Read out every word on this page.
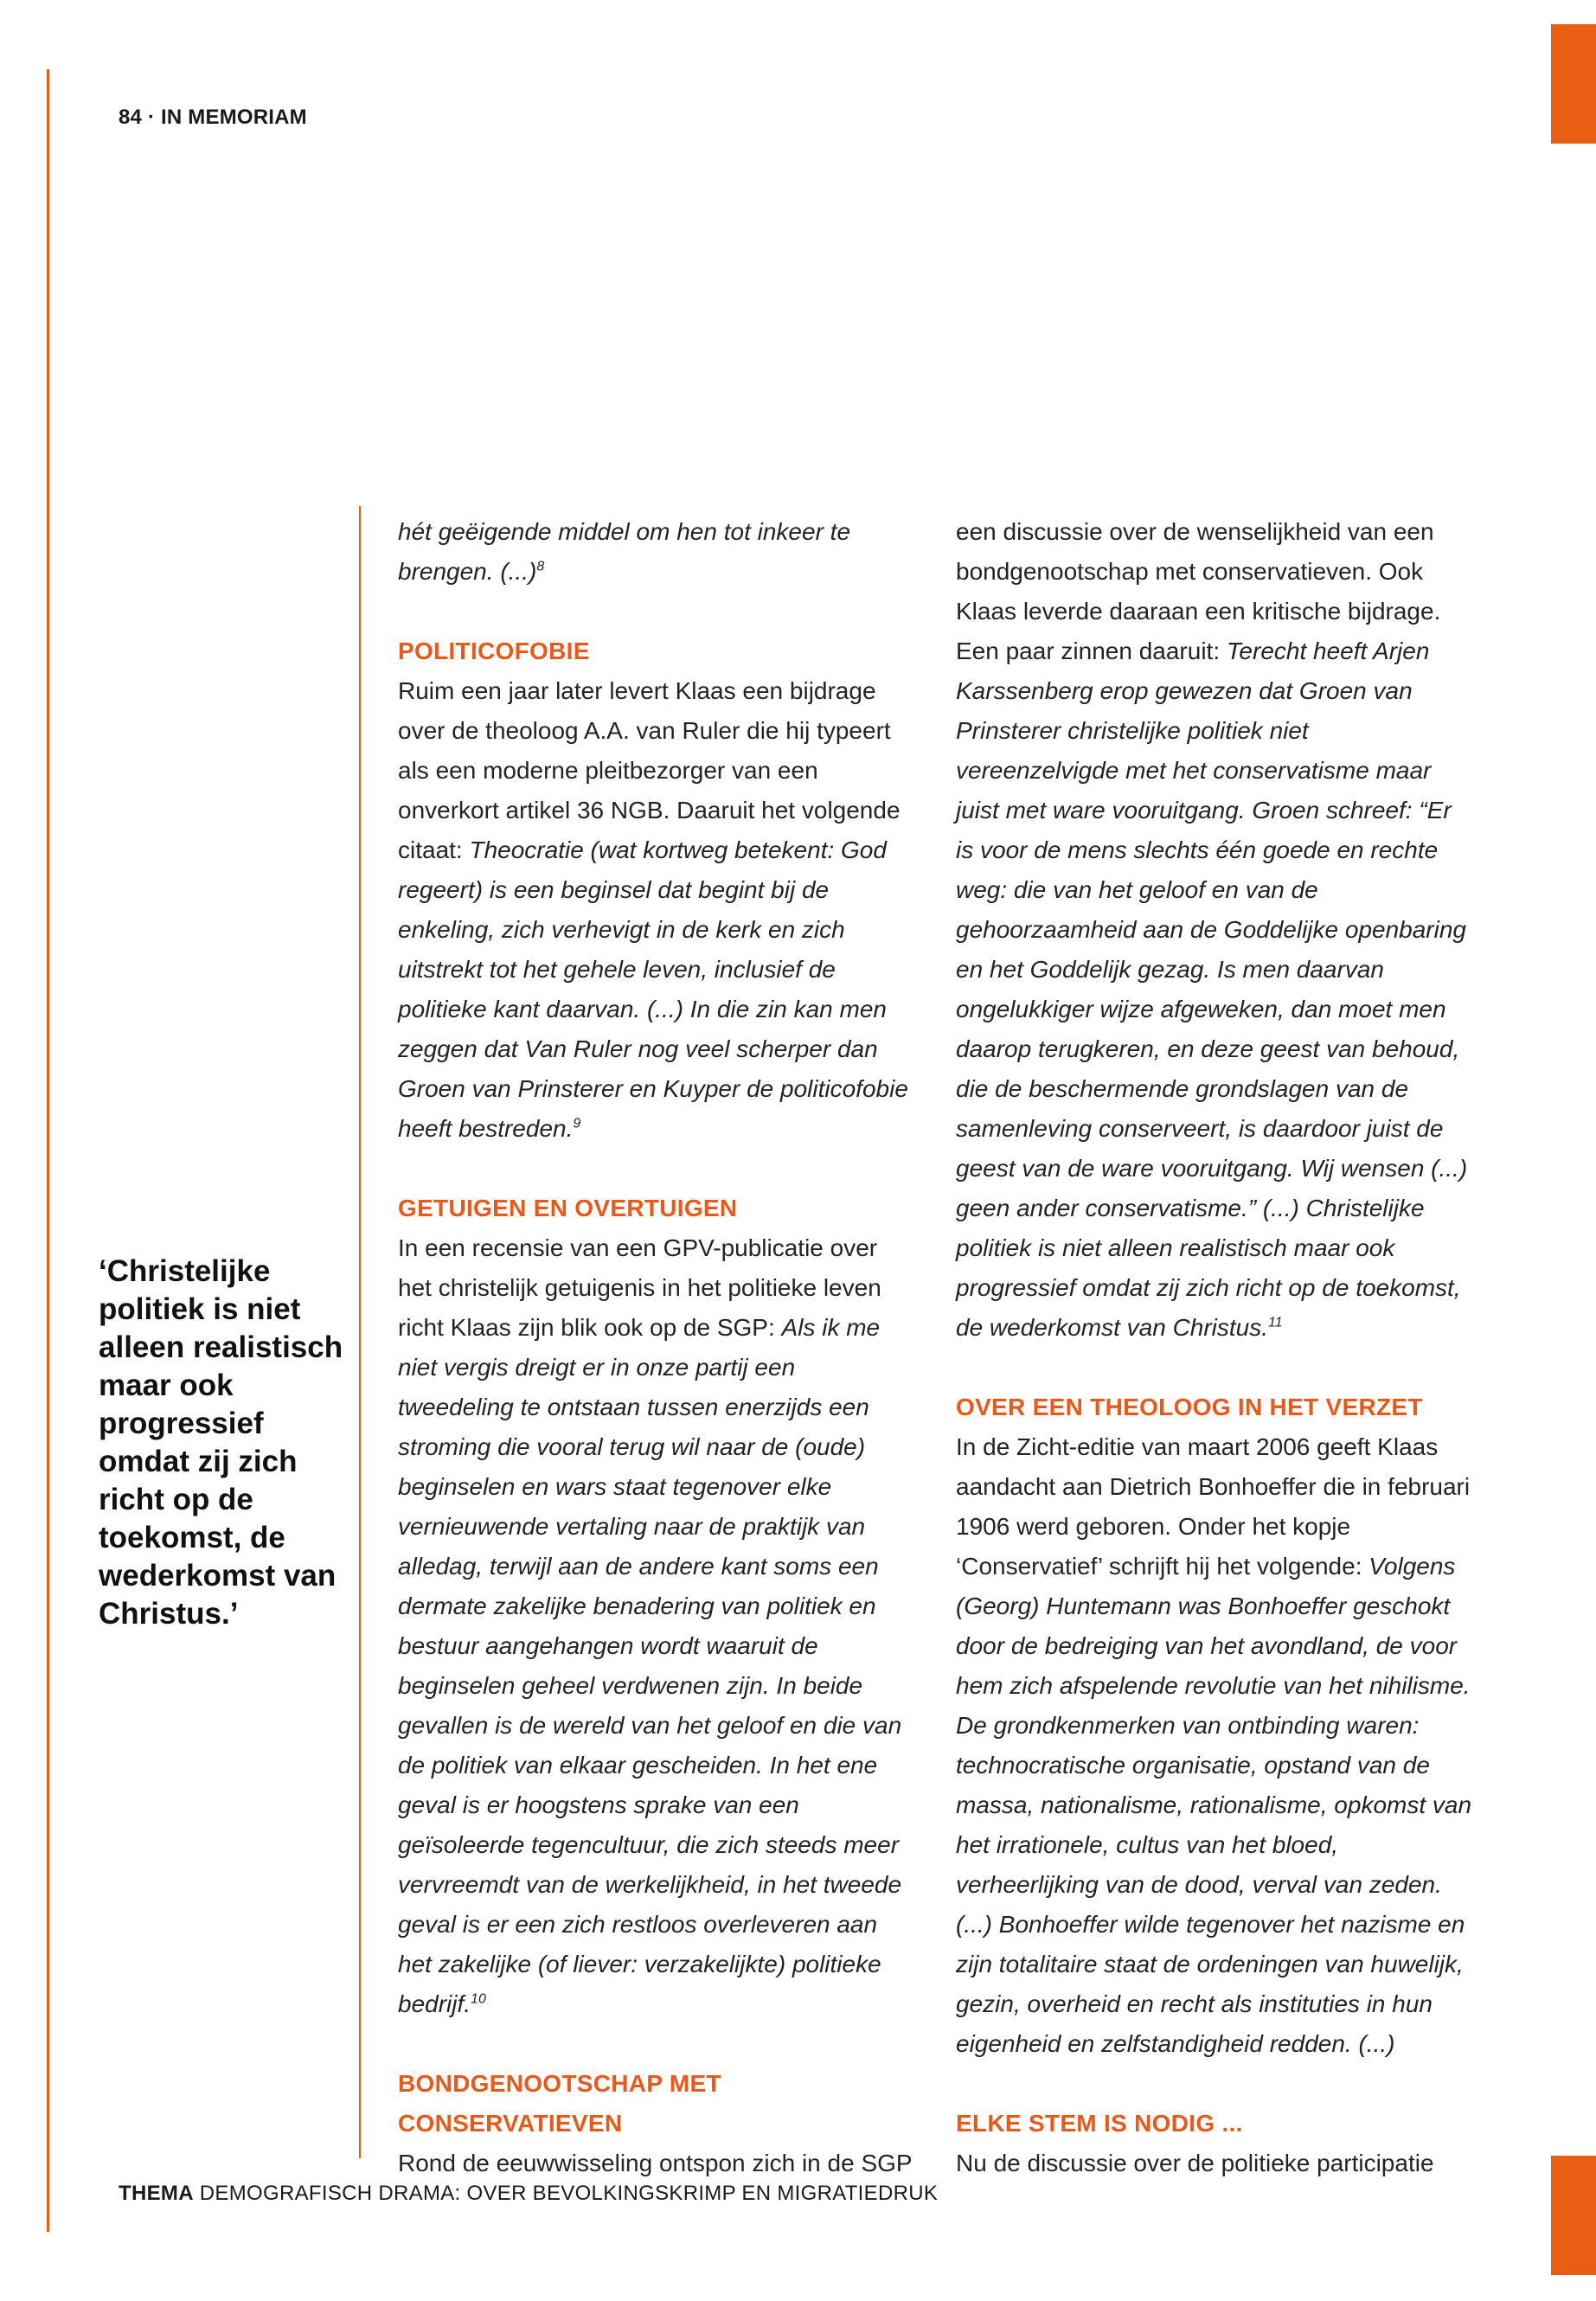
84 · IN MEMORIAM
‘Christelijke politiek is niet alleen realistisch maar ook progressief omdat zij zich richt op de toekomst, de wederkomst van Christus.’

hét geëigende middel om hen tot inkeer te brengen. (...)$^8$

POLITICOFOBIE

Ruim een jaar later levert Klaas een bijdrage over de theoloog A.A. van Ruler die hij typeert als een moderne pleitbezorger van een onverkort artikel 36 NGB. Daaruit het volgende citaat: Theocratie (wat kortweg betekent: God regeert) is een beginsel dat begint bij de enkeling, zich verhevigt in de kerk en zich uitstrekt tot het gehele leven, inclusief de politieke kant daarvan. (...) In die zin kan men zeggen dat Van Ruler nog veel scherper dan Groen van Prinsterer en Kuyper de politicofobie heeft bestreden.$^9$

GETUIGEN EN OVERTUIGEN

In een recensie van een GPV-publicatie over het christelijk getuigenis in het politieke leven richt Klaas zijn blik ook op de SGP: Als ik me niet vergis dreigt er in onze partij een tweedeling te ontstaan tussen enerzijds een stroming die vooral terug wil naar de (oude) beginselen en wars staat tegenover elke vernieuwende vertaling naar de praktijk van alledag, terwijl aan de andere kant soms een dermate zakelijke benadering van politiek en bestuur aangehangen wordt waaruit de beginselen geheel verdwenen zijn. In beide gevallen is de wereld van het geloof en die van de politiek van elkaar gescheiden. In het ene geval is er hoogstens sprake van een geïsoleerde tegencultuur, die zich steeds meer vervreemdt van de werkelijkheid, in het tweede geval is er een zich restloos overleveren aan het zakelijke (of liever: verzakelijkte) politieke bedrijf.$^{10}$

BONDGENOOTSCHAP MET CONSERVATIEVEN

Rond de eeuwwisseling ontspon zich in de SGP

een discussie over de wenselijkheid van een bondgenootschap met conservatieven. Ook Klaas leverde daaraan een kritische bijdrage. Een paar zinnen daaruit: Terecht heeft Arjen Karssenberg erop gewezen dat Groen van Prinsterer christelijke politiek niet vereenzelvigde met het conservatisme maar juist met ware vooruitgang. Groen schreef: “Er is voor de mens slechts één goede en rechte weg: die van het geloof en van de gehoorzaamheid aan de Goddelijke openbaring en het Goddelijk gezag. Is men daarvan ongelukkiger wijze afgeweken, dan moet men daarop terugkeren, en deze geest van behoud, die de beschermende grondslagen van de samenleving conserveert, is daardoor juist de geest van de ware vooruitgang. Wij wensen (...) geen ander conservatisme.” (...) Christelijke politiek is niet alleen realistisch maar ook progressief omdat zij zich richt op de toekomst, de wederkomst van Christus.$^{11}$

OVER EEN THEOLOOG IN HET VERZET

In de Zicht-editie van maart 2006 geeft Klaas aandacht aan Dietrich Bonhoeffer die in februari 1906 werd geboren. Onder het kopje ‘Conservatief’ schrijft hij het volgende: Volgens (Georg) Huntemann was Bonhoeffer geschokt door de bedreiging van het avondland, de voor hem zich afspelende revolutie van het nihilisme. De grondkenmerken van ontbinding waren: technocratische organisatie, opstand van de massa, nationalisme, rationalisme, opkomst van het irrationele, cultus van het bloed, verheerlijking van de dood, verval van zeden. (...) Bonhoeffer wilde tegenover het nazisme en zijn totalitaire staat de ordeningen van huwelijk, gezin, overheid en recht als instituties in hun eigenheid en zelfstandigheid redden. (...)

ELKE STEM IS NODIG ...

Nu de discussie over de politieke participatie

THEMA DEMOGRAFISCH DRAMA: OVER BEVOLKINGSKRIMP EN MIGRATIEDRUK
